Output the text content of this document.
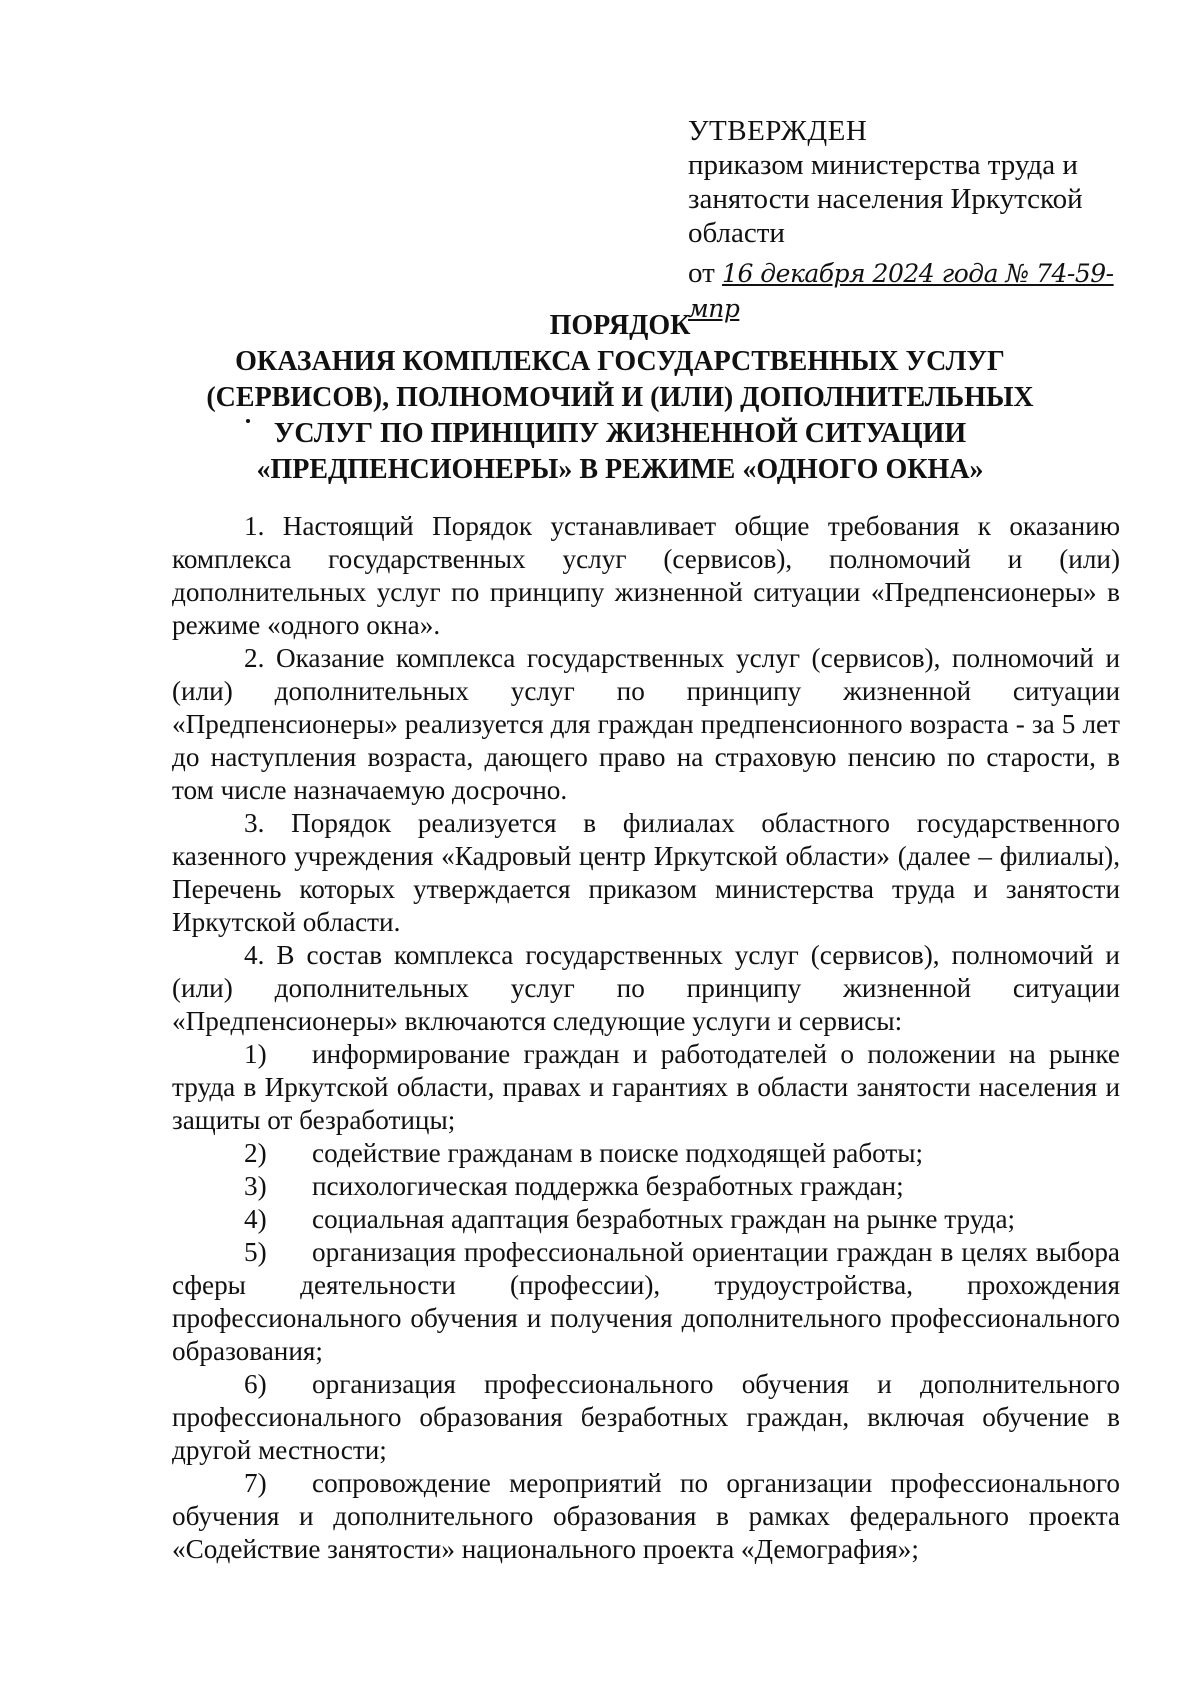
УТВЕРЖДЕН
приказом министерства труда и
занятости населения Иркутской
области
от 16 декабря 2024 года № 74-59-мпр
ПОРЯДОК
ОКАЗАНИЯ КОМПЛЕКСА ГОСУДАРСТВЕННЫХ УСЛУГ
(СЕРВИСОВ), ПОЛНОМОЧИЙ И (ИЛИ) ДОПОЛНИТЕЛЬНЫХ
УСЛУГ ПО ПРИНЦИПУ ЖИЗНЕННОЙ СИТУАЦИИ
«ПРЕДПЕНСИОНЕРЫ» В РЕЖИМЕ «ОДНОГО ОКНА»

1. Настоящий Порядок устанавливает общие требования к оказанию комплекса государственных услуг (сервисов), полномочий и (или) дополнительных услуг по принципу жизненной ситуации «Предпенсионеры» в режиме «одного окна».

2. Оказание комплекса государственных услуг (сервисов), полномочий и (или) дополнительных услуг по принципу жизненной ситуации «Предпенсионеры» реализуется для граждан предпенсионного возраста - за 5 лет до наступления возраста, дающего право на страховую пенсию по старости, в том числе назначаемую досрочно.

3. Порядок реализуется в филиалах областного государственного казенного учреждения «Кадровый центр Иркутской области» (далее – филиалы), Перечень которых утверждается приказом министерства труда и занятости Иркутской области.

4. В состав комплекса государственных услуг (сервисов), полномочий и (или) дополнительных услуг по принципу жизненной ситуации «Предпенсионеры» включаются следующие услуги и сервисы:

1) информирование граждан и работодателей о положении на рынке труда в Иркутской области, правах и гарантиях в области занятости населения и защиты от безработицы;

2) содействие гражданам в поиске подходящей работы;

3) психологическая поддержка безработных граждан;

4) социальная адаптация безработных граждан на рынке труда;

5) организация профессиональной ориентации граждан в целях выбора сферы деятельности (профессии), трудоустройства, прохождения профессионального обучения и получения дополнительного профессионального образования;

6) организация профессионального обучения и дополнительного профессионального образования безработных граждан, включая обучение в другой местности;

7) сопровождение мероприятий по организации профессионального обучения и дополнительного образования в рамках федерального проекта «Содействие занятости» национального проекта «Демография»;
